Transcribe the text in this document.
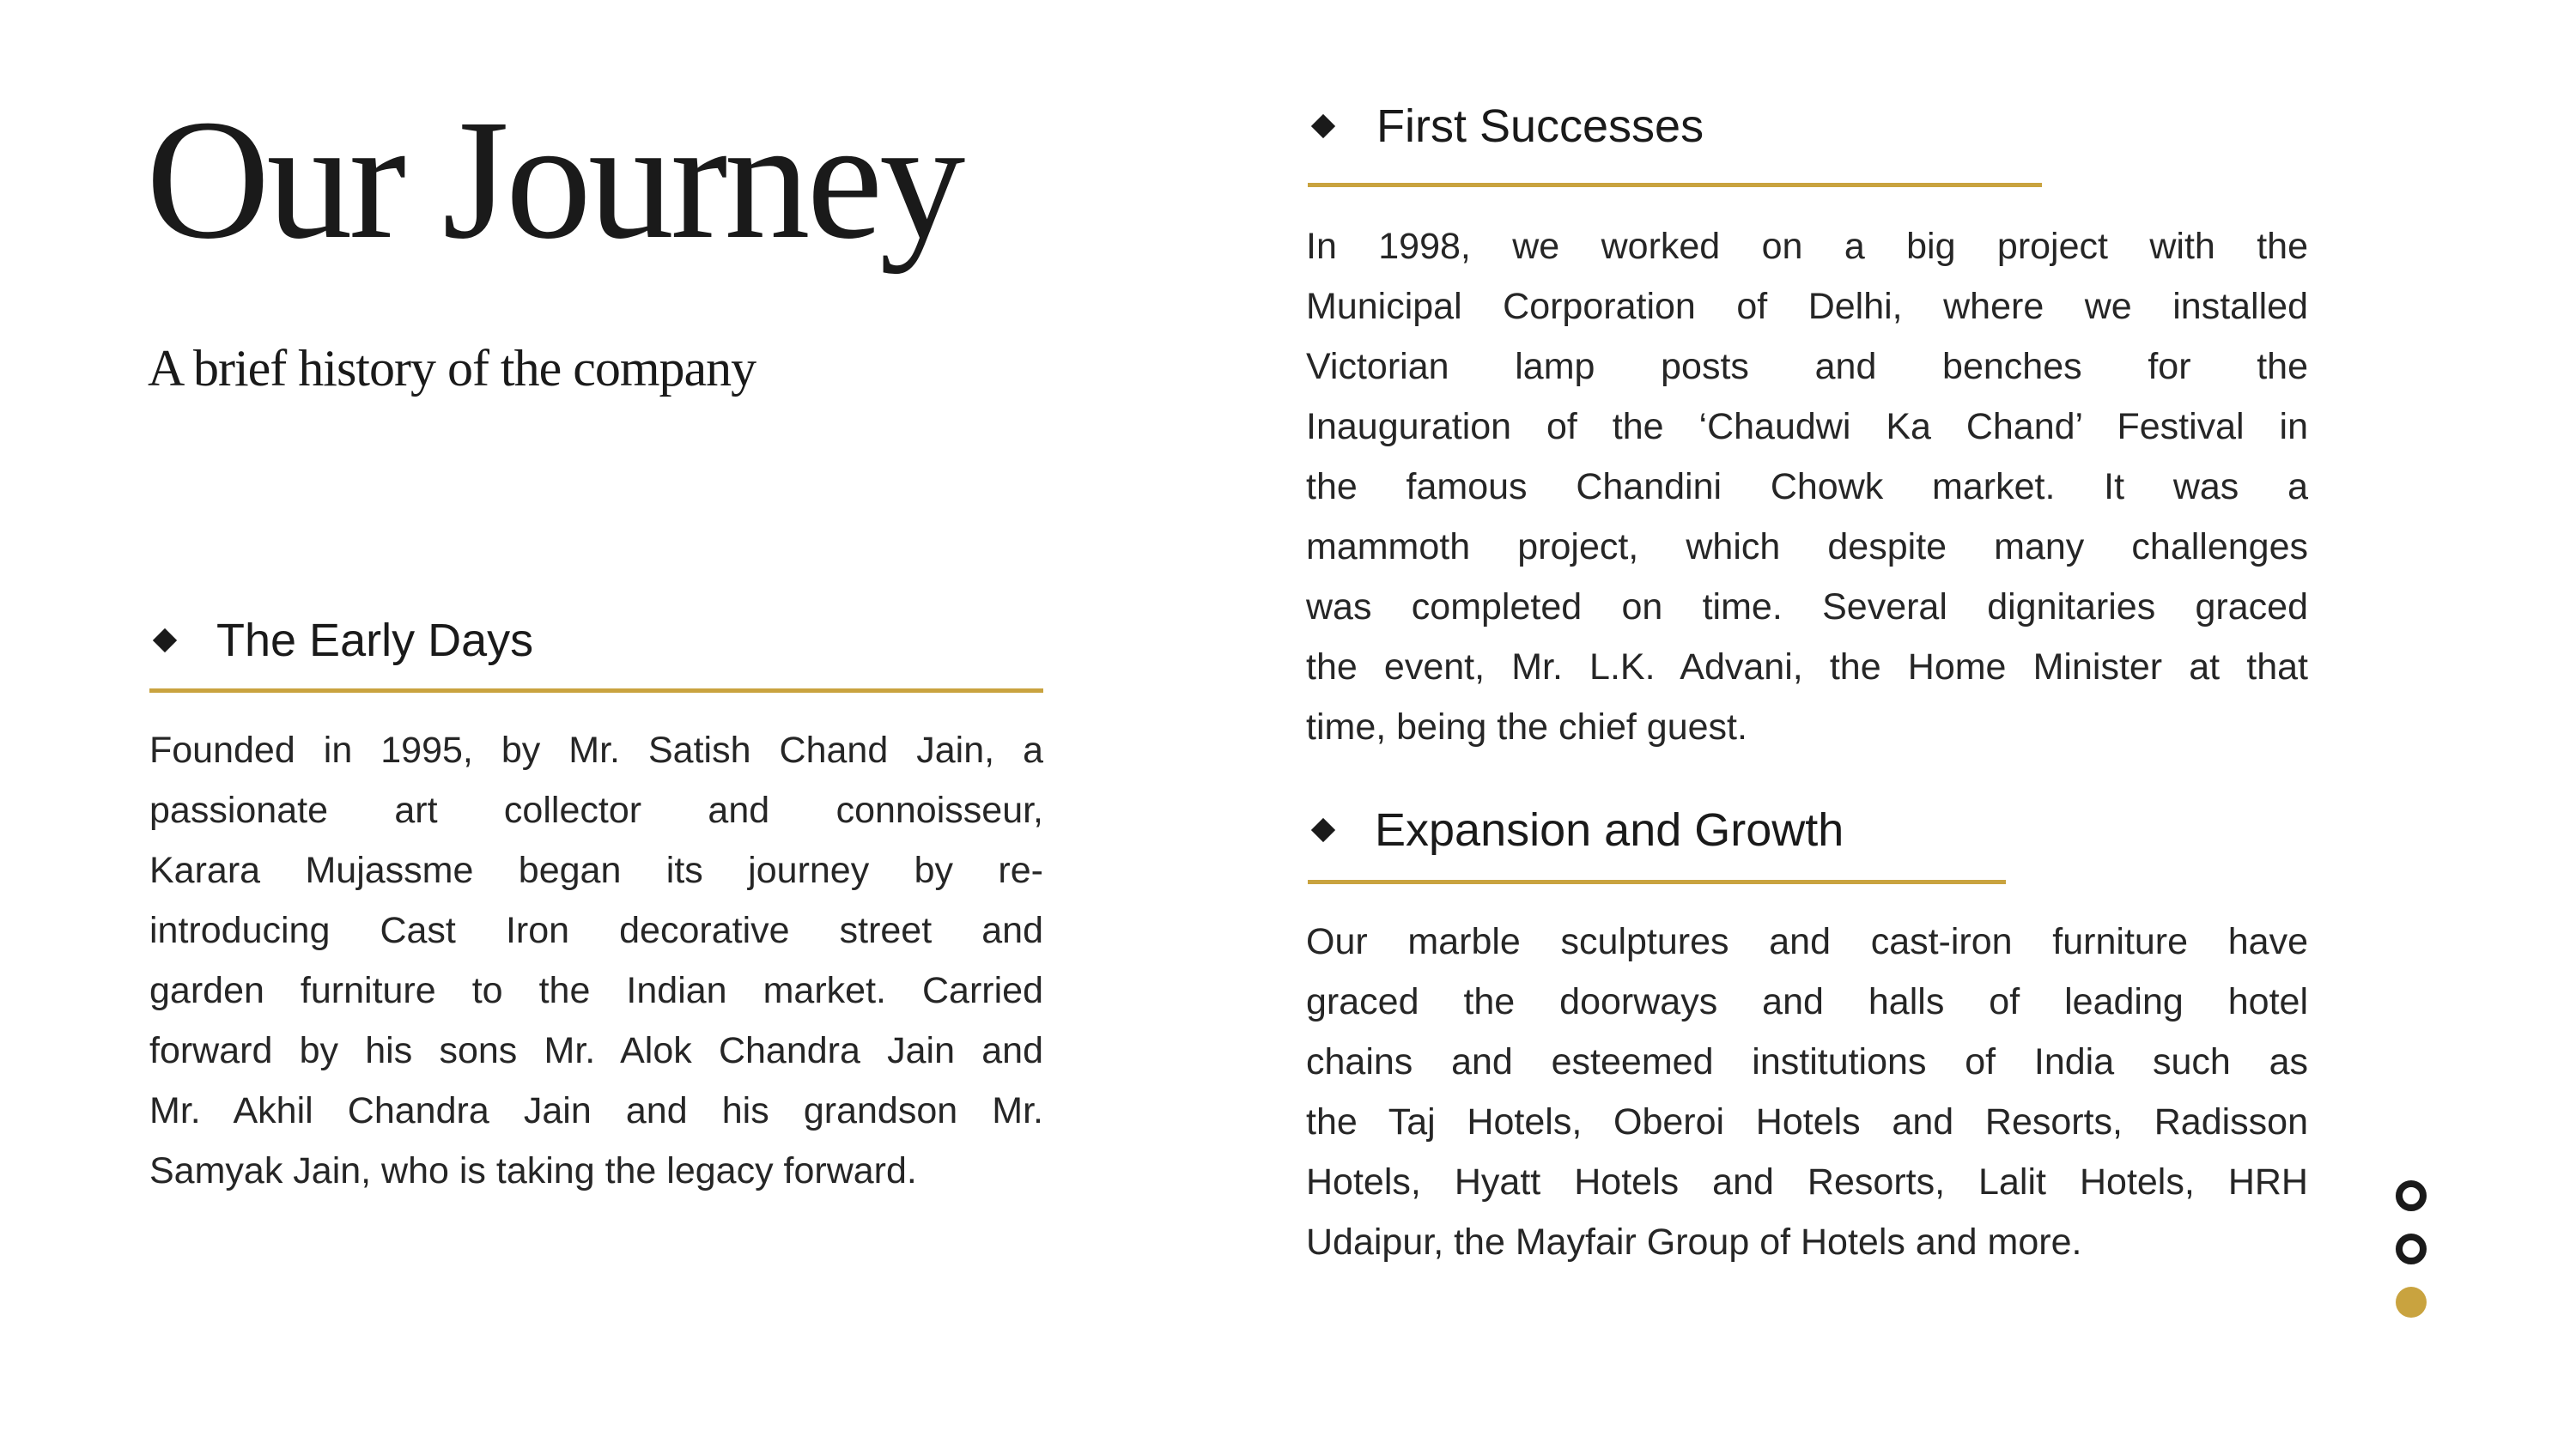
Our Journey
A brief history of the company
The Early Days
Founded in 1995, by Mr. Satish Chand Jain, a
passionate art collector and connoisseur,
Karara Mujassme began its journey by re-
introducing Cast Iron decorative street and
garden furniture to the Indian market. Carried
forward by his sons Mr. Alok Chandra Jain and
Mr. Akhil Chandra Jain and his grandson Mr.
Samyak Jain, who is taking the legacy forward.
First Successes
In 1998, we worked on a big project with the
Municipal Corporation of Delhi, where we installed
Victorian lamp posts and benches for the
Inauguration of the ‘Chaudwi Ka Chand’ Festival in
the famous Chandini Chowk market. It was a
mammoth project, which despite many challenges
was completed on time. Several dignitaries graced
the event, Mr. L.K. Advani, the Home Minister at that
time, being the chief guest.
Expansion and Growth
Our marble sculptures and cast-iron furniture have
graced the doorways and halls of leading hotel
chains and esteemed institutions of India such as
the Taj Hotels, Oberoi Hotels and Resorts, Radisson
Hotels, Hyatt Hotels and Resorts, Lalit Hotels, HRH
Udaipur, the Mayfair Group of Hotels and more.
